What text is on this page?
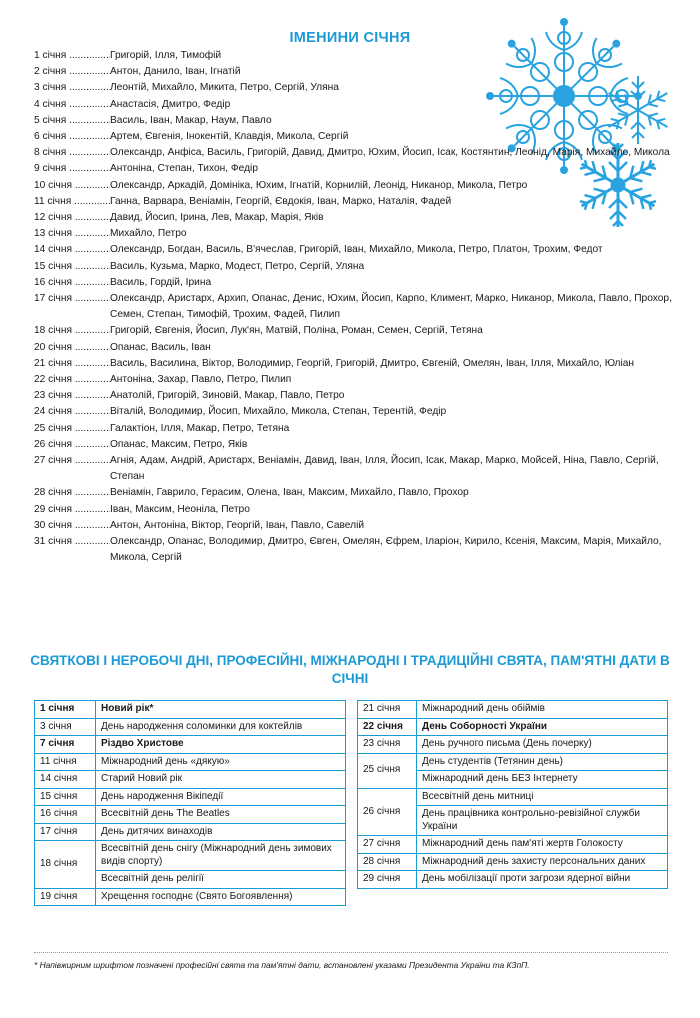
ІМЕНИНИ СІЧНЯ
1 січня .....	Григорій, Ілля, Тимофій
2 січня .....	Антон, Данило, Іван, Ігнатій
3 січня .....	Леонтій, Михайло, Микита, Петро, Сергій, Уляна
4 січня .....	Анастасія, Дмитро, Федір
5 січня .....	Василь, Іван, Макар, Наум, Павло
6 січня .....	Артем, Євгенія, Інокентій, Клавдія, Микола, Сергій
8 січня .....	Олександр, Анфіса, Василь, Григорій, Давид, Дмитро, Юхим, Йосип, Ісак, Костянтин, Леонід, Марія, Михайло, Микола
9 січня .....	Антоніна, Степан, Тихон, Федір
10 січня .....	Олександр, Аркадій, Домініка, Юхим, Ігнатій, Корнилій, Леонід, Никанор, Микола, Петро
11 січня .....	Ганна, Варвара, Веніамін, Георгій, Євдокія, Іван, Марко, Наталія, Фадей
12 січня .....	Давид, Йосип, Ірина, Лев, Макар, Марія, Яків
13 січня .....	Михайло, Петро
14 січня .....	Олександр, Богдан, Василь, В'ячеслав, Григорій, Іван, Михайло, Микола, Петро, Платон, Трохим, Федот
15 січня .....	Василь, Кузьма, Марко, Модест, Петро, Сергій, Уляна
16 січня .....	Василь, Гордій, Ірина
17 січня .....	Олександр, Аристарх, Архип, Опанас, Денис, Юхим, Йосип, Карпо, Климент, Марко, Никанор, Микола, Павло, Прохор, Семен, Степан, Тимофій, Трохим, Фадей, Пилип
18 січня .....	Григорій, Євгенія, Йосип, Лук'ян, Матвій, Поліна, Роман, Семен, Сергій, Тетяна
20 січня .....	Опанас, Василь, Іван
21 січня .....	Василь, Василина, Віктор, Володимир, Георгій, Григорій, Дмитро, Євгеній, Омелян, Іван, Ілля, Михайло, Юліан
22 січня .....	Антоніна, Захар, Павло, Петро, Пилип
23 січня .....	Анатолій, Григорій, Зиновій, Макар, Павло, Петро
24 січня .....	Віталій, Володимир, Йосип, Михайло, Микола, Степан, Терентій, Федір
25 січня .....	Галактіон, Ілля, Макар, Петро, Тетяна
26 січня .....	Опанас, Максим, Петро, Яків
27 січня .....	Агнія, Адам, Андрій, Аристарх, Веніамін, Давид, Іван, Ілля, Йосип, Ісак, Макар, Марко, Мойсей, Ніна, Павло, Сергій, Степан
28 січня .....	Веніамін, Гаврило, Герасим, Олена, Іван, Максим, Михайло, Павло, Прохор
29 січня .....	Іван, Максим, Неоніла, Петро
30 січня .....	Антон, Антоніна, Віктор, Георгій, Іван, Павло, Савелій
31 січня .....	Олександр, Опанас, Володимир, Дмитро, Євген, Омелян, Єфрем, Іларіон, Кирило, Ксенія, Максим, Марія, Михайло, Микола, Сергій
СВЯТКОВІ І НЕРОБОЧІ ДНІ, ПРОФЕСІЙНІ, МІЖНАРОДНІ І ТРАДИЦІЙНІ СВЯТА, ПАМ'ЯТНІ ДАТИ В СІЧНІ
1 січня	Новий рік*
3 січня	День народження соломинки для коктейлів
7 січня	Різдво Христове
11 січня	Міжнародний день «дякую»
14 січня	Старий Новий рік
15 січня	День народження Вікіпедії
16 січня	Всесвітній день The Beatles
17 січня	День дитячих винаходів
18 січня	Всесвітній день снігу (Міжнародний день зимових видів спорту)
	Всесвітній день релігії
19 січня	Хрещення господнє (Свято Богоявлення)
21 січня	Міжнародний день обіймів
22 січня	День Соборності України
23 січня	День ручного письма (День почерку)
25 січня	День студентів (Тетянин день)
	Міжнародний день БЕЗ Інтернету
26 січня	Всесвітній день митниці
	День працівника контрольно-ревізійної служби України
27 січня	Міжнародний день пам'яті жертв Голокосту
28 січня	Міжнародний день захисту персональних даних
29 січня	День мобілізації проти загрози ядерної війни
* Напівжирним шрифтом позначені професійні свята та пам'ятні дати, встановлені указами Президента України та КЗпП.
